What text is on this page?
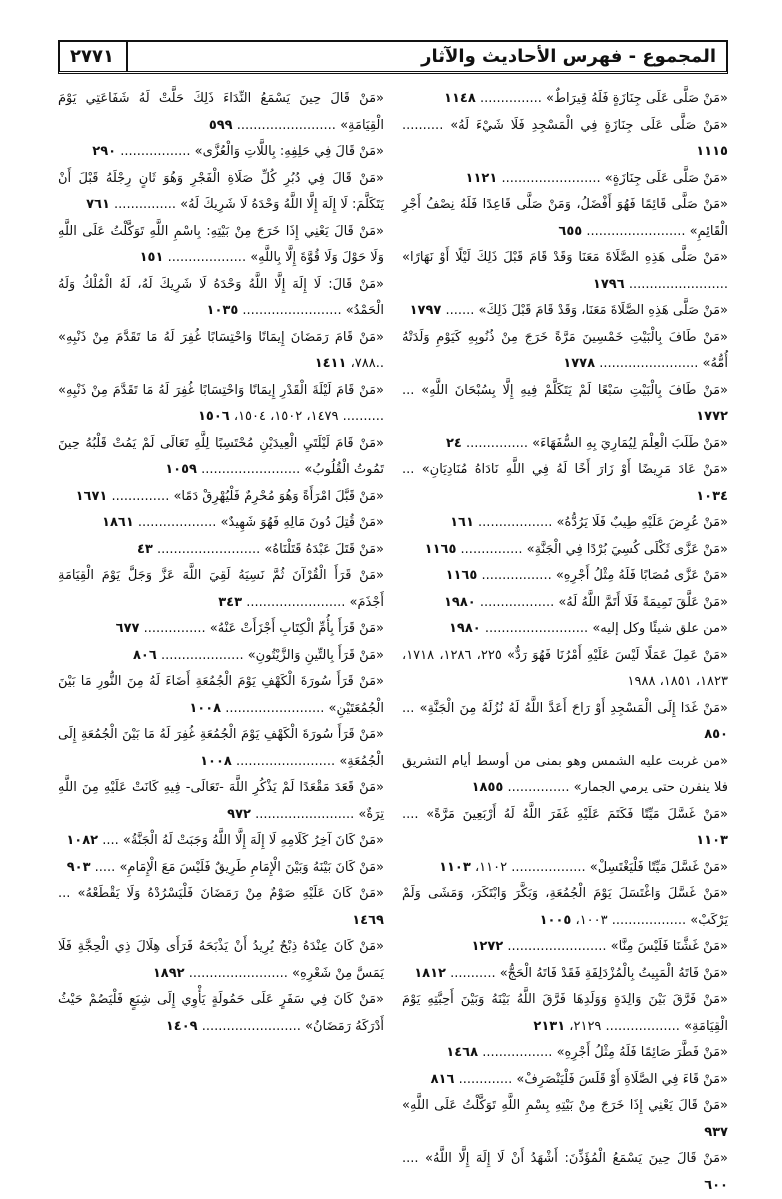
المجموع - فهرس الأحاديث والآثار
٢٧٧١
«مَنْ صَلَّى عَلَى جِنَازَةٍ فَلَهُ قِيرَاطٌ» ............... ١١٤٨
«مَنْ صَلَّى عَلَى جِنَازَةٍ فِي الْمَسْجِدِ فَلَا شَيْءَ لَهُ» .......... ١١١٥
«مَنْ صَلَّى عَلَى جِنَازَةٍ» ........................ ١١٢١
«مَنْ صَلَّى قَائِمًا فَهُوَ أَفْضَلُ، وَمَنْ صَلَّى قَاعِدًا فَلَهُ نِصْفُ أَجْرِ الْقَائِمِ» ........................ ٦٥٥
«مَنْ صَلَّى هَذِهِ الصَّلَاةَ مَعَنَا وَقَدْ قَامَ قَبْلَ ذَلِكَ لَيْلًا أَوْ نَهَارًا» ........................ ١٧٩٦
«مَنْ صَلَّى هَذِهِ الصَّلَاةَ مَعَنَا، وَقَدْ قَامَ قَبْلَ ذَلِكَ» ....... ١٧٩٧
«مَنْ طَافَ بِالْبَيْتِ خَمْسِينَ مَرَّةً خَرَجَ مِنْ ذُنُوبِهِ كَيَوْمِ وَلَدَتْهُ أُمُّهُ» ........................ ١٧٧٨
«مَنْ طَافَ بِالْبَيْتِ سَبْعًا لَمْ يَتَكَلَّمْ فِيهِ إِلَّا بِسُبْحَانَ اللَّهِ» ... ١٧٧٢
«مَنْ طَلَبَ الْعِلْمَ لِيُمَارِيَ بِهِ السُّفَهَاءَ» ............... ٢٤
«مَنْ عَادَ مَرِيضًا أَوْ زَارَ أَخًا لَهُ فِي اللَّهِ نَادَاهُ مُنَادِيَانِ» ... ١٠٣٤
«مَنْ عُرِضَ عَلَيْهِ طِيبٌ فَلَا يَرُدُّهُ» .................. ١٦١
«مَنْ عَزَّى ثَكْلَى كُسِيَ بُرْدًا فِي الْجَنَّةِ» ............... ١١٦٥
«مَنْ عَزَّى مُصَابًا فَلَهُ مِثْلُ أَجْرِهِ» ................. ١١٦٥
«مَنْ عَلَّقَ تَمِيمَةً فَلَا أَتَمَّ اللَّهُ لَهُ» .................. ١٩٨٠
«من علق شيئًا وكل إليه» ......................... ١٩٨٠
«مَنْ عَمِلَ عَمَلًا لَيْسَ عَلَيْهِ أَمْرُنَا فَهُوَ رَدٌّ» ٢٢٥، ١٢٨٦، ١٧١٨، ١٨٢٣، ١٨٥١، ١٩٨٨
«مَنْ غَدَا إِلَى الْمَسْجِدِ أَوْ رَاحَ أَعَدَّ اللَّهُ لَهُ نُزُلَهُ مِنَ الْجَنَّةِ» ... ٨٥٠
«من غربت عليه الشمس وهو بمنى من أوسط أيام التشريق فلا ينفرن حتى يرمي الجمار» ............... ١٨٥٥
«مَنْ غَسَّلَ مَيِّتًا فَكَتَمَ عَلَيْهِ غَفَرَ اللَّهُ لَهُ أَرْبَعِينَ مَرَّةً» .... ١١٠٣
«مَنْ غَسَّلَ مَيِّتًا فَلْيَغْتَسِلْ» .................. ١١٠٢، ١١٠٣
«مَنْ غَسَّلَ وَاغْتَسَلَ يَوْمَ الْجُمُعَةِ، وَبَكَّرَ وَابْتَكَرَ، وَمَشَى وَلَمْ يَرْكَبْ» .................. ١٠٠٣، ١٠٠٥
«مَنْ غَشَّنَا فَلَيْسَ مِنَّا» ........................ ١٢٧٢
«مَنْ فَاتَهُ الْمَبِيتُ بِالْمُزْدَلِفَةِ فَقَدْ فَاتَهُ الْحَجُّ» ........... ١٨١٢
«مَنْ فَرَّقَ بَيْنَ وَالِدَةٍ وَوَلَدِهَا فَرَّقَ اللَّهُ بَيْنَهُ وَبَيْنَ أَحِبَّتِهِ يَوْمَ الْقِيَامَةِ» .................. ٢١٢٩، ٢١٣١
«مَنْ فَطَّرَ صَائِمًا فَلَهُ مِثْلُ أَجْرِهِ» ................. ١٤٦٨
«مَنْ قَاءَ فِي الصَّلَاةِ أَوْ قَلَسَ فَلْيَنْصَرِفْ» ............. ٨١٦
«مَنْ قَالَ يَعْنِي إِذَا خَرَجَ مِنْ بَيْتِهِ بِسْمِ اللَّهِ تَوَكَّلْتُ عَلَى اللَّهِ» ٩٣٧
«مَنْ قَالَ حِينَ يَسْمَعُ الْمُؤَذِّنَ: أَشْهَدُ أَنْ لَا إِلَهَ إِلَّا اللَّهُ» .... ٦٠٠
«مَنْ قَالَ حِينَ يَسْمَعُ النِّدَاءَ ذَلِكَ حَلَّتْ لَهُ شَفَاعَتِي يَوْمَ الْقِيَامَةِ» ........................ ٥٩٩
«مَنْ قَالَ فِي حَلِفِهِ: بِاللَّاتِ وَالْعُزَّى» ................. ٢٩٠
«مَنْ قَالَ فِي دُبُرِ كُلِّ صَلَاةِ الْفَجْرِ وَهُوَ ثَانٍ رِجْلَهُ قَبْلَ أَنْ يَتَكَلَّمَ: لَا إِلَهَ إِلَّا اللَّهُ وَحْدَهُ لَا شَرِيكَ لَهُ» ............... ٧٦١
«مَنْ قَالَ يَعْنِي إِذَا خَرَجَ مِنْ بَيْتِهِ: بِاسْمِ اللَّهِ تَوَكَّلْتُ عَلَى اللَّهِ وَلَا حَوْلَ وَلَا قُوَّةَ إِلَّا بِاللَّهِ» ................... ١٥١
«مَنْ قَالَ: لَا إِلَهَ إِلَّا اللَّهُ وَحْدَهُ لَا شَرِيكَ لَهُ، لَهُ الْمُلْكُ وَلَهُ الْحَمْدُ» ........................ ١٠٣٥
«مَنْ قَامَ رَمَضَانَ إِيمَانًا وَاحْتِسَابًا غُفِرَ لَهُ مَا تَقَدَّمَ مِنْ ذَنْبِهِ» ..٧٨٨، ١٤١١
«مَنْ قَامَ لَيْلَةَ الْقَدْرِ إِيمَانًا وَاحْتِسَابًا غُفِرَ لَهُ مَا تَقَدَّمَ مِنْ ذَنْبِهِ» .......... ١٤٧٩، ١٥٠٢، ١٥٠٤، ١٥٠٦
«مَنْ قَامَ لَيْلَتَيِ الْعِيدَيْنِ مُحْتَسِبًا لِلَّهِ تَعَالَى لَمْ يَمُتْ قَلْبُهُ حِينَ تَمُوتُ الْقُلُوبُ» ........................ ١٠٥٩
«مَنْ قَبَّلَ امْرَأَةً وَهُوَ مُحْرِمٌ فَلْيُهْرِقْ دَمًا» .............. ١٦٧١
«مَنْ قُتِلَ دُونَ مَالِهِ فَهُوَ شَهِيدٌ» ................... ١٨٦١
«مَنْ قَتَلَ عَبْدَهُ قَتَلْنَاهُ» ......................... ٤٣
«مَنْ قَرَأَ الْقُرْآنَ ثُمَّ نَسِيَهُ لَقِيَ اللَّهَ عَزَّ وَجَلَّ يَوْمَ الْقِيَامَةِ أَجْذَمَ» ........................ ٣٤٣
«مَنْ قَرَأَ بِأُمِّ الْكِتَابِ أَجْزَأَتْ عَنْهُ» ............... ٦٧٧
«مَنْ قَرَأَ بِالتِّينِ وَالزَّيْتُونِ» .................... ٨٠٦
«مَنْ قَرَأَ سُورَةَ الْكَهْفِ يَوْمَ الْجُمُعَةِ أَضَاءَ لَهُ مِنَ النُّورِ مَا بَيْنَ الْجُمُعَتَيْنِ» ........................ ١٠٠٨
«مَنْ قَرَأَ سُورَةَ الْكَهْفِ يَوْمَ الْجُمُعَةِ غُفِرَ لَهُ مَا بَيْنَ الْجُمُعَةِ إِلَى الْجُمُعَةِ» ........................ ١٠٠٨
«مَنْ قَعَدَ مَقْعَدًا لَمْ يَذْكُرِ اللَّهَ -تَعَالَى- فِيهِ كَانَتْ عَلَيْهِ مِنَ اللَّهِ تِرَةٌ» ........................ ٩٧٢
«مَنْ كَانَ آخِرُ كَلَامِهِ لَا إِلَهَ إِلَّا اللَّهُ وَجَبَتْ لَهُ الْجَنَّةُ» .... ١٠٨٢
«مَنْ كَانَ بَيْنَهُ وَبَيْنَ الْإِمَامِ طَرِيقٌ فَلَيْسَ مَعَ الْإِمَامِ» ..... ٩٠٣
«مَنْ كَانَ عَلَيْهِ صَوْمٌ مِنْ رَمَضَانَ فَلْيَسْرُدْهُ وَلَا يَقْطَعْهُ» ... ١٤٦٩
«مَنْ كَانَ عِنْدَهُ ذِبْحٌ يُرِيدُ أَنْ يَذْبَحَهُ فَرَأَى هِلَالَ ذِي الْحِجَّةِ فَلَا يَمَسَّ مِنْ شَعْرِهِ» ........................ ١٨٩٢
«مَنْ كَانَ فِي سَفَرٍ عَلَى حَمُولَةٍ يَأْوِي إِلَى شِبَعٍ فَلْيَصُمْ حَيْثُ أَدْرَكَهُ رَمَضَانُ» ........................ ١٤٠٩
